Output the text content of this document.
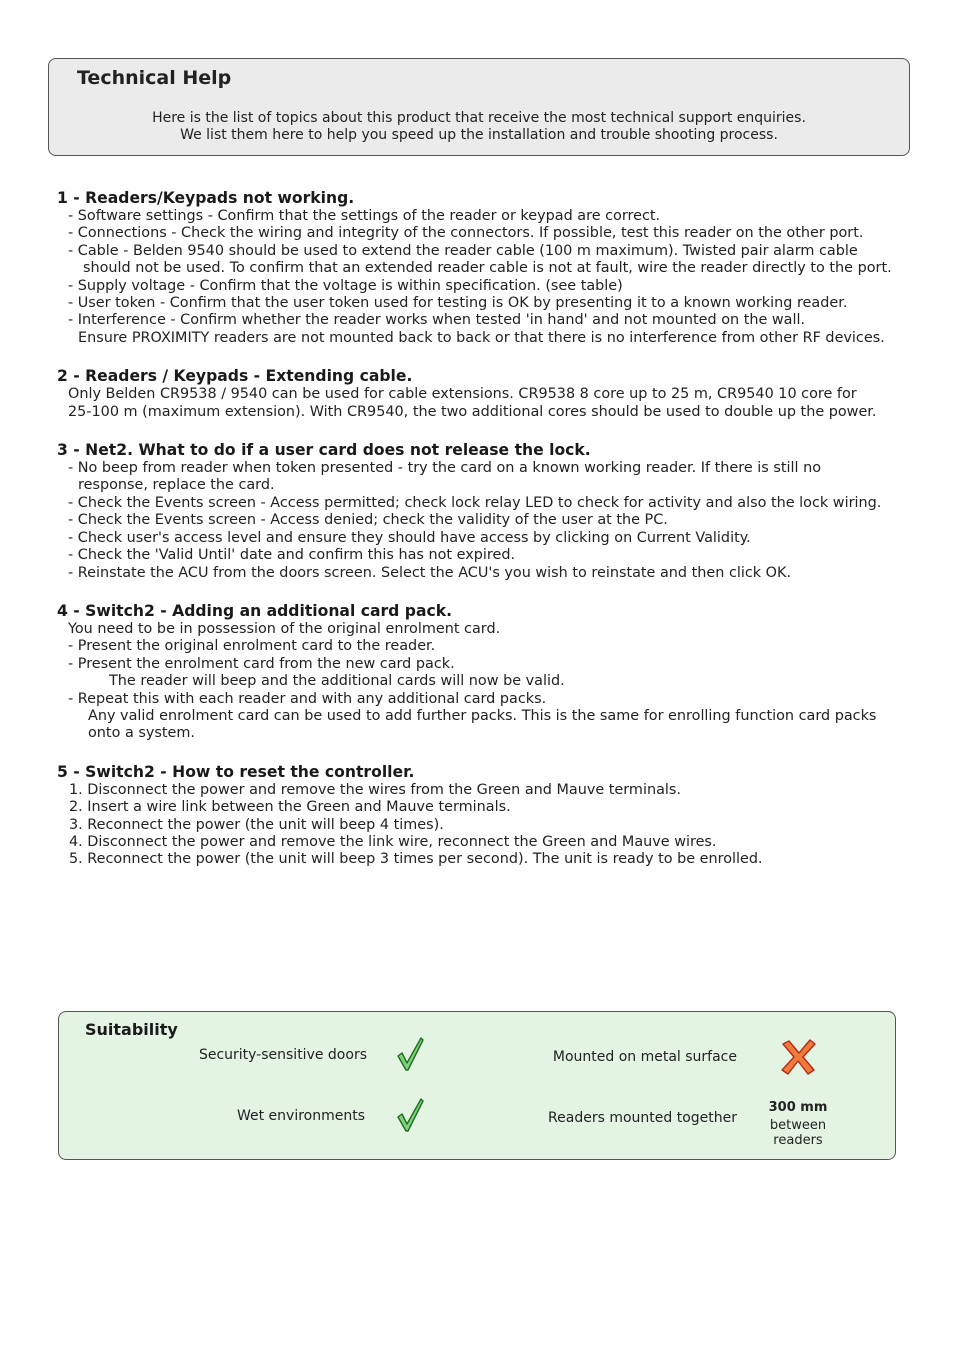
Technical Help
Here is the list of topics about this product that receive the most technical support enquiries.
We list them here to help you speed up the installation and trouble shooting process.
1 - Readers/Keypads not working.
- Software settings - Confirm that the settings of the reader or keypad are correct.
- Connections - Check the wiring and integrity of the connectors. If possible, test this reader on the other port.
- Cable - Belden 9540 should be used to extend the reader cable (100 m maximum). Twisted pair alarm cable
should not be used. To confirm that an extended reader cable is not at fault, wire the reader directly to the port.
- Supply voltage - Confirm that the voltage is within specification. (see table)
- User token - Confirm that the user token used for testing is OK by presenting it to a known working reader.
- Interference - Confirm whether the reader works when tested 'in hand' and not mounted on the wall.
Ensure PROXIMITY readers are not mounted back to back or that there is no interference from other RF devices.
2 - Readers / Keypads - Extending cable.
Only Belden CR9538 / 9540 can be used for cable extensions. CR9538 8 core up to 25 m, CR9540 10 core for
25-100 m (maximum extension). With CR9540, the two additional cores should be used to double up the power.
3 - Net2. What to do if a user card does not release the lock.
- No beep from reader when token presented - try the card on a known working reader. If there is still no
response, replace the card.
- Check the Events screen - Access permitted; check lock relay LED to check for activity and also the lock wiring.
- Check the Events screen - Access denied; check the validity of the user at the PC.
- Check user's access level and ensure they should have access by clicking on Current Validity.
- Check the 'Valid Until' date and confirm this has not expired.
- Reinstate the ACU from the doors screen. Select the ACU's you wish to reinstate and then click OK.
4 - Switch2 - Adding an additional card pack.
You need to be in possession of the original enrolment card.
- Present the original enrolment card to the reader.
- Present the enrolment card from the new card pack.
The reader will beep and the additional cards will now be valid.
- Repeat this with each reader and with any additional card packs.
Any valid enrolment card can be used to add further packs. This is the same for enrolling function card packs
onto a system.
5 - Switch2 - How to reset the controller.
1. Disconnect the power and remove the wires from the Green and Mauve terminals.
2. Insert a wire link between the Green and Mauve terminals.
3. Reconnect the power (the unit will beep 4 times).
4. Disconnect the power and remove the link wire, reconnect the Green and Mauve wires.
5. Reconnect the power (the unit will beep 3 times per second). The unit is ready to be enrolled.
Suitability
Security-sensitive doors
Wet environments
Mounted on metal surface
Readers mounted together
300 mm
between
readers
